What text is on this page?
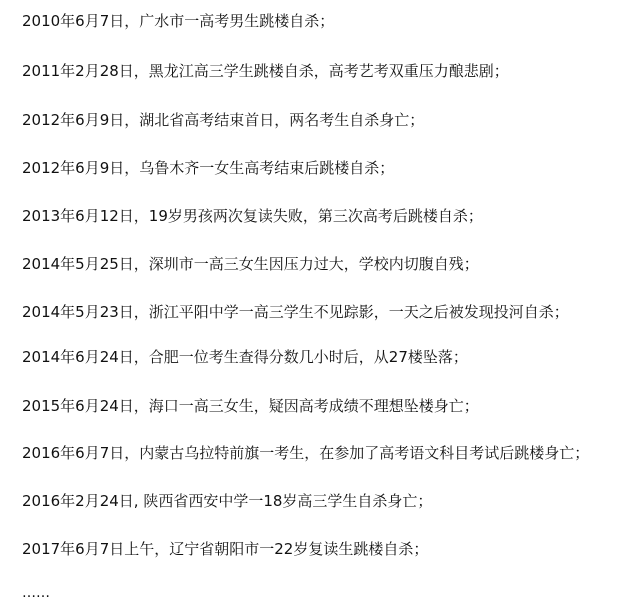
2010年6月7日，广水市一高考男生跳楼自杀；
2011年2月28日，黑龙江高三学生跳楼自杀，高考艺考双重压力酿悲剧；
2012年6月9日，湖北省高考结束首日，两名考生自杀身亡；
2012年6月9日，乌鲁木齐一女生高考结束后跳楼自杀；
2013年6月12日，19岁男孩两次复读失败，第三次高考后跳楼自杀；
2014年5月25日，深圳市一高三女生因压力过大，学校内切腹自残；
2014年5月23日，浙江平阳中学一高三学生不见踪影，一天之后被发现投河自杀；
2014年6月24日，合肥一位考生查得分数几小时后，从27楼坠落；
2015年6月24日，海口一高三女生，疑因高考成绩不理想坠楼身亡；
2016年6月7日，内蒙古乌拉特前旗一考生，在参加了高考语文科目考试后跳楼身亡；
2016年2月24日, 陕西省西安中学一18岁高三学生自杀身亡；
2017年6月7日上午，辽宁省朝阳市一22岁复读生跳楼自杀；
……
